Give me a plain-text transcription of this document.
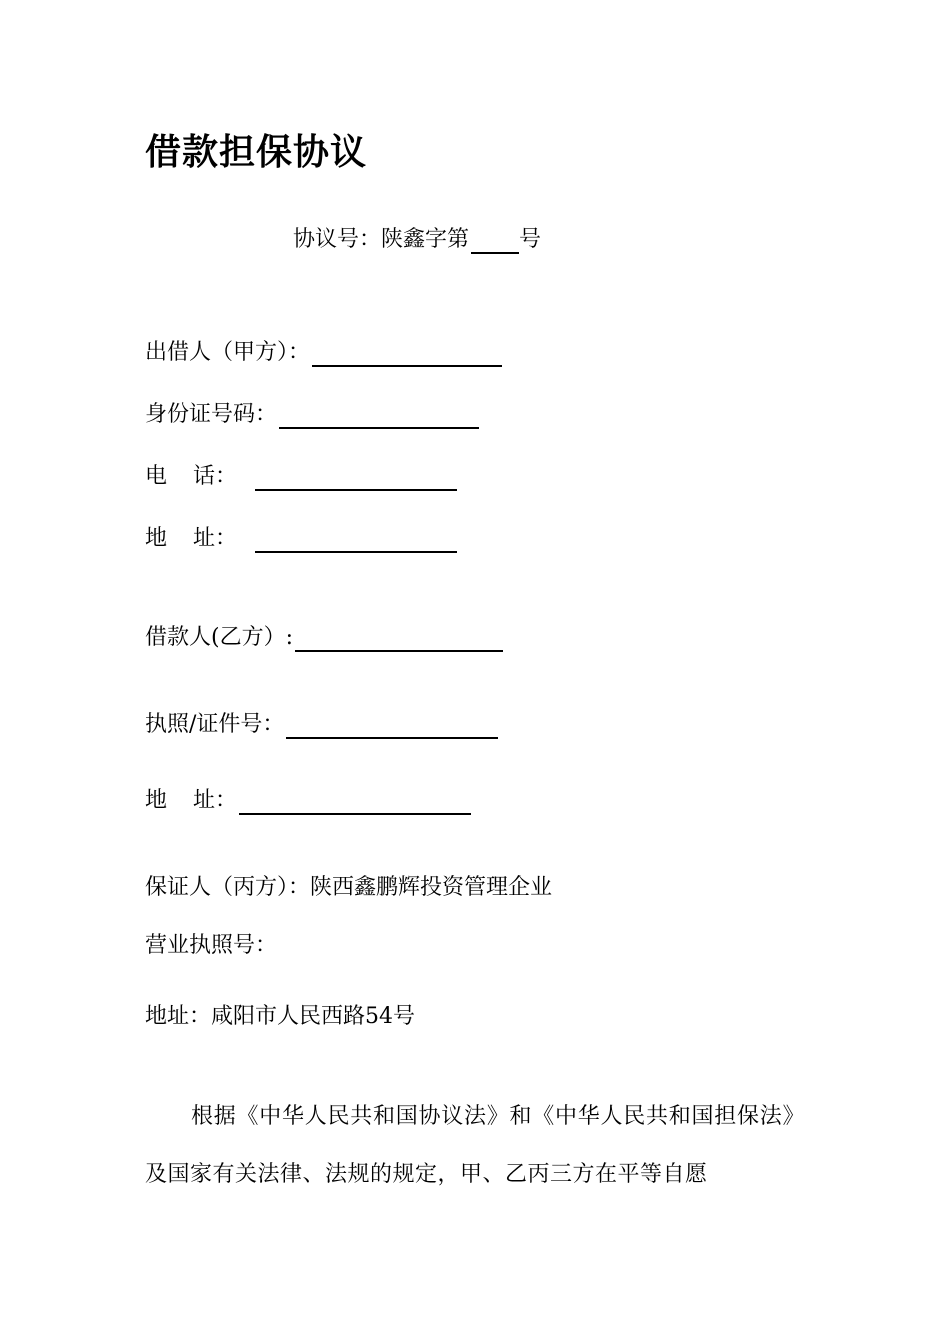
借款担保协议
协议号：陕鑫字第 号
出借人（甲方）：
身份证号码：
电 话：
地 址：
借款人(乙方）:
执照/证件号：
地 址：
保证人（丙方）：陕西鑫鹏辉投资管理企业
营业执照号：
地址：咸阳市人民西路54号
根据《中华人民共和国协议法》和《中华人民共和国担保法》及国家有关法律、法规的规定，甲、乙丙三方在平等自愿
